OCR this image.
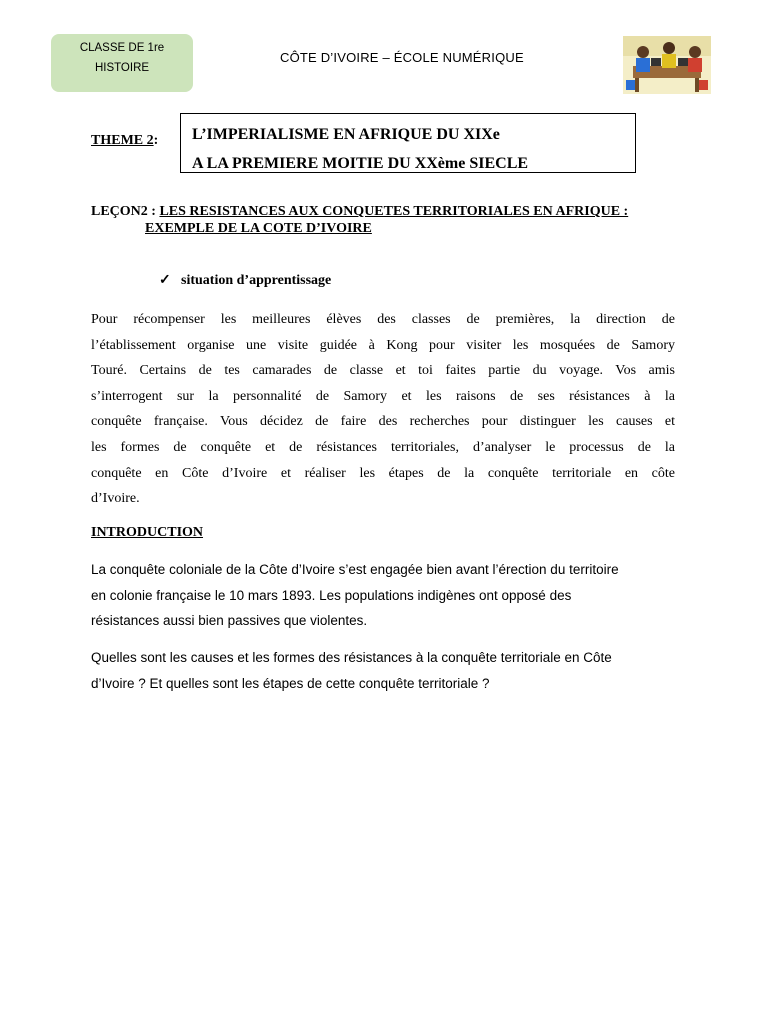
CLASSE DE 1re
HISTOIRE
CÔTE D’IVOIRE – ÉCOLE NUMÉRIQUE
THEME 2: L’IMPERIALISME EN AFRIQUE DU XIXe
A LA PREMIERE MOITIE DU XXème SIECLE
LEÇON2 : LES RESISTANCES AUX CONQUETES TERRITORIALES EN AFRIQUE :
EXEMPLE DE LA COTE D’IVOIRE
✓ situation d’apprentissage
Pour récompenser les meilleures élèves des classes de premières, la direction de
l’établissement organise une visite guidée à Kong pour visiter les mosquées de Samory
Touré. Certains de tes camarades de classe et toi faites partie du voyage. Vos amis
s’interrogent sur la personnalité de Samory et les raisons de ses résistances à la
conquête française. Vous décidez de faire des recherches pour distinguer les causes et
les formes de conquête et de résistances territoriales, d’analyser le processus de la
conquête en Côte d’Ivoire et réaliser les étapes de la conquête territoriale en côte
d’Ivoire.
INTRODUCTION
La conquête coloniale de la Côte d’Ivoire s’est engagée bien avant l’érection du territoire
en colonie française le 10 mars 1893. Les populations indigènes ont opposé des
résistances aussi bien passives que violentes.
Quelles sont les causes et les formes des résistances à la conquête territoriale en Côte
d’Ivoire ? Et quelles sont les étapes de cette conquête territoriale ?
